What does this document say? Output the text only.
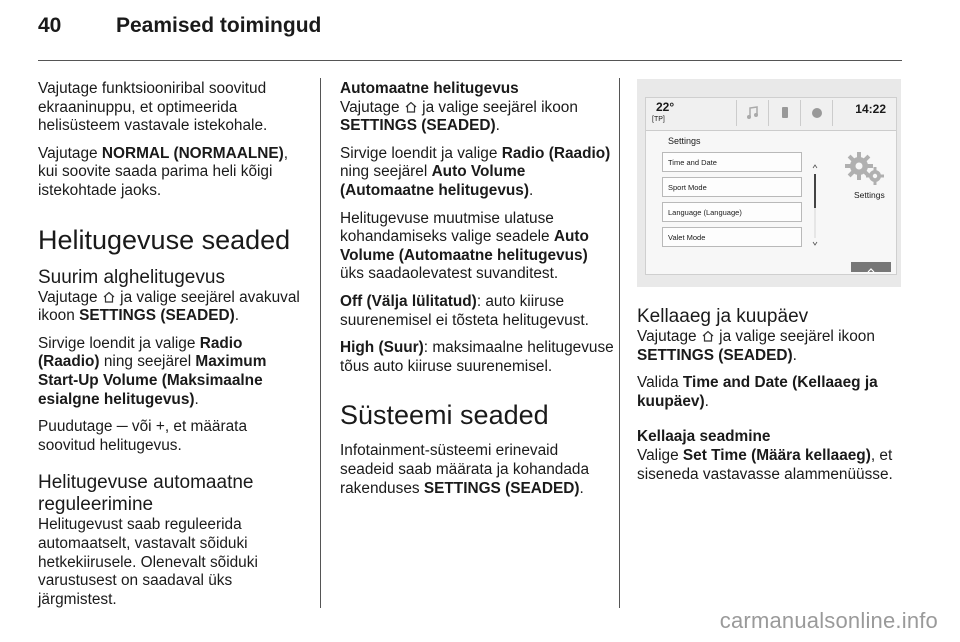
40	Peamised toimingud

Vajutage funktsiooniribal soovitud ekraaninuppu, et optimeerida helisüsteem vastavale istekohale.

Vajutage NORMAL (NORMAALNE), kui soovite saada parima heli kõigi istekohtade jaoks.

Helitugevuse seaded
Suurim alghelitugevus

Vajutage  ja valige seejärel avakuval ikoon SETTINGS (SEADED).

Sirvige loendit ja valige Radio (Raadio) ning seejärel Maximum Start-Up Volume (Maksimaalne esialgne helitugevus).

Puudutage ─ või +, et määrata soovitud helitugevus.

Helitugevuse automaatne reguleerimine

Helitugevust saab reguleerida automaatselt, vastavalt sõiduki hetkekiirusele. Olenevalt sõiduki varustusest on saadaval üks järgmistest.

Automaatne helitugevus

Vajutage  ja valige seejärel ikoon SETTINGS (SEADED).

Sirvige loendit ja valige Radio (Raadio) ning seejärel Auto Volume (Automaatne helitugevus).

Helitugevuse muutmise ulatuse kohandamiseks valige seadele Auto Volume (Automaatne helitugevus) üks saadaolevatest suvanditest.

Off (Välja lülitatud): auto kiiruse suurenemisel ei tõsteta helitugevust.

High (Suur): maksimaalne helitugevuse tõus auto kiiruse suurenemisel.

Süsteemi seaded

Infotainment-süsteemi erinevaid seadeid saab määrata ja kohandada rakenduses SETTINGS (SEADED).

22°
[TP]
14:22
Settings
Time and Date
Sport Mode
Language (Language)
Valet Mode
Settings
Kellaaeg ja kuupäev

Vajutage  ja valige seejärel ikoon SETTINGS (SEADED).

Valida Time and Date (Kellaaeg ja kuupäev).

Kellaaja seadmine

Valige Set Time (Määra kellaaeg), et siseneda vastavasse alammenüüsse.

carmanualsonline.info
